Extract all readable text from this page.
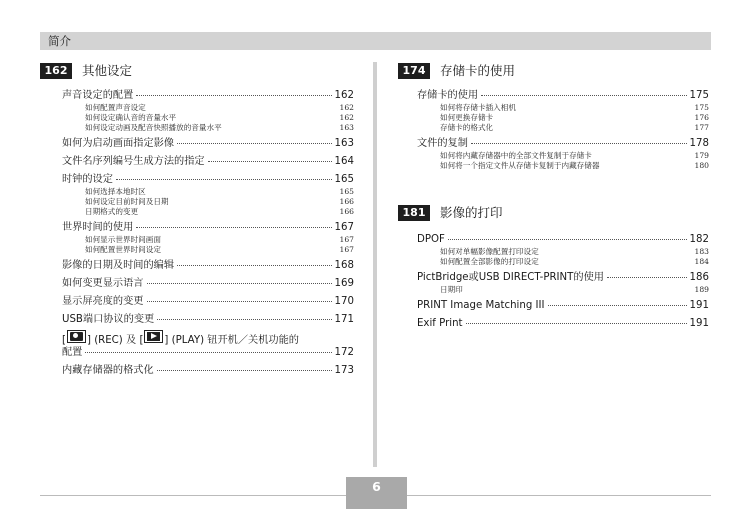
简介
162	其他设定
声音设定的配置	162
如何配置声音设定	162
如何设定确认音的音量水平	162
如何设定动画及配音快照播放的音量水平	163
如何为启动画面指定影像	163
文件名序列编号生成方法的指定	164
时钟的设定	165
如何选择本地时区	165
如何设定目前时间及日期	166
日期格式的变更	166
世界时间的使用	167
如何显示世界时间画面	167
如何配置世界时间设定	167
影像的日期及时间的编辑	168
如何变更显示语言	169
显示屏亮度的变更	170
USB端口协议的变更	171
[ ] (REC) 及 [ ] (PLAY) 钮开机／关机功能的
配置	172
内藏存储器的格式化	173
174	存储卡的使用
存储卡的使用	175
如何将存储卡插入相机	175
如何更换存储卡	176
存储卡的格式化	177
文件的复制	178
如何将内藏存储器中的全部文件复制于存储卡	179
如何将一个指定文件从存储卡复制于内藏存储器	180
181	影像的打印
DPOF	182
如何对单幅影像配置打印设定	183
如何配置全部影像的打印设定	184
PictBridge或USB DIRECT-PRINT的使用	186
日期印	189
PRINT Image Matching III	191
Exif Print	191
6
